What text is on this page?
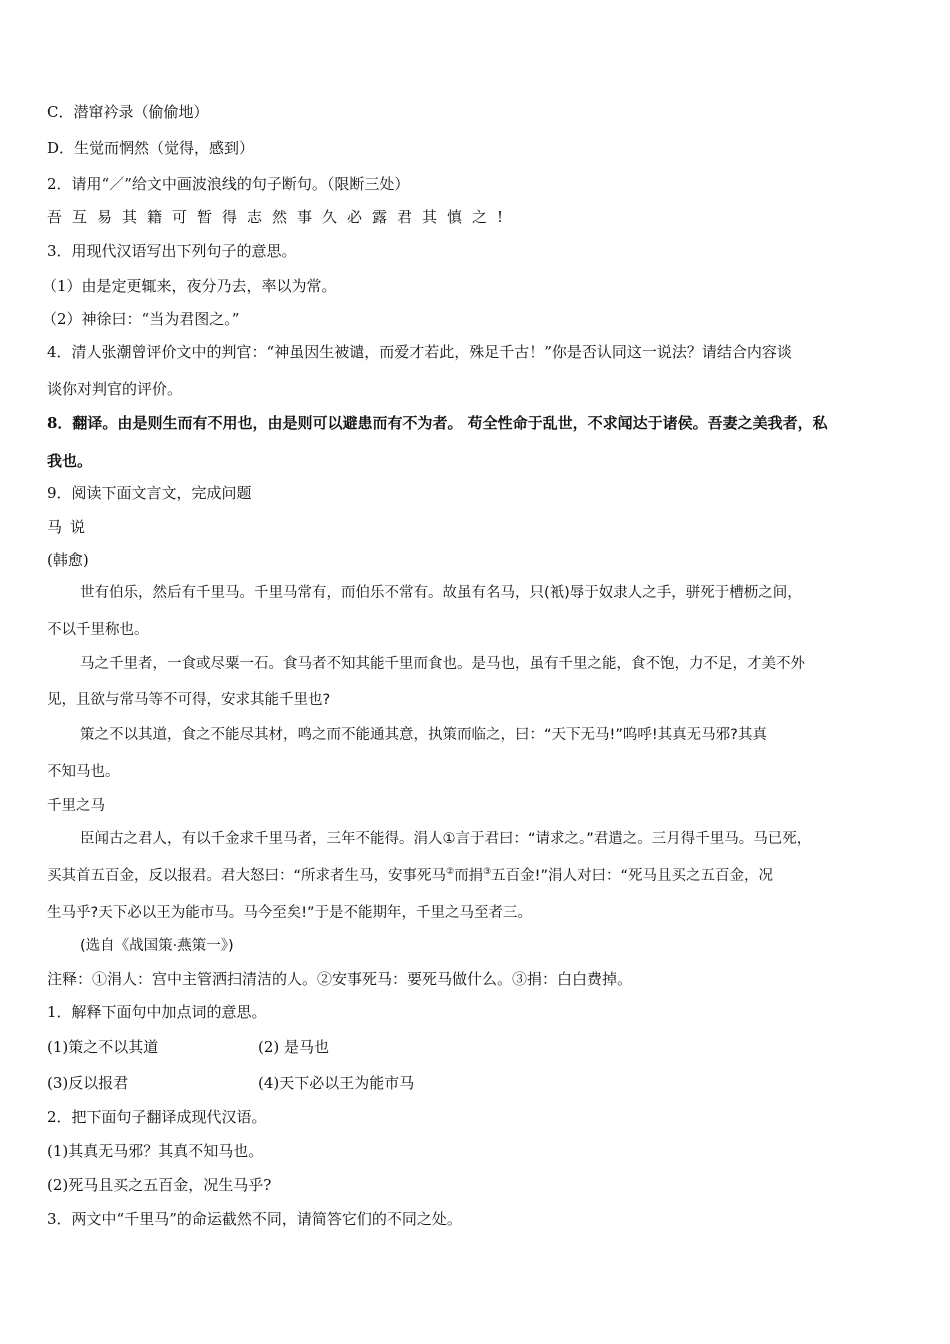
C．潜窜衿录（偷偷地）
D．生觉而惘然（觉得，感到）
2．请用“／”给文中画波浪线的句子断句。（限断三处）
吾互易其籍可暂得志然事久必露君其慎之!
3．用现代汉语写出下列句子的意思。
（1）由是定更辄来，夜分乃去，率以为常。
（2）神徐曰：“当为君图之。”
4．清人张潮曾评价文中的判官：“神虽因生被谴，而爱才若此，殊足千古！”你是否认同这一说法？请结合内容谈
谈你对判官的评价。
8．翻译。由是则生而有不用也，由是则可以避患而有不为者。 苟全性命于乱世，不求闻达于诸侯。吾妻之美我者，私
我也。
9．阅读下面文言文，完成问题
马说
(韩愈)
世有伯乐，然后有千里马。千里马常有，而伯乐不常有。故虽有名马，只(衹)辱于奴隶人之手，骈死于槽枥之间，
不以千里称也。
马之千里者，一食或尽粟一石。食马者不知其能千里而食也。是马也，虽有千里之能，食不饱，力不足，才美不外
见，且欲与常马等不可得，安求其能千里也?
策之不以其道，食之不能尽其材，鸣之而不能通其意，执策而临之，曰：“天下无马!”呜呼!其真无马邪?其真
不知马也。
千里之马
臣闻古之君人，有以千金求千里马者，三年不能得。涓人①言于君曰：“请求之。”君遣之。三月得千里马。马已死，
买其首五百金，反以报君。君大怒曰：“所求者生马，安事死马②而捐③五百金!”涓人对曰：“死马且买之五百金，况
生马乎?天下必以王为能市马。马今至矣!”于是不能期年，千里之马至者三。
(选自《战国策·燕策一》)
注释：①涓人：宫中主管洒扫清洁的人。②安事死马：要死马做什么。③捐：白白费掉。
1．解释下面句中加点词的意思。
(1)策之不以其道	(2) 是马也
(3)反以报君	(4)天下必以王为能市马
2．把下面句子翻译成现代汉语。
(1)其真无马邪？其真不知马也。
(2)死马且买之五百金，况生马乎?
3．两文中“千里马”的命运截然不同，请简答它们的不同之处。
